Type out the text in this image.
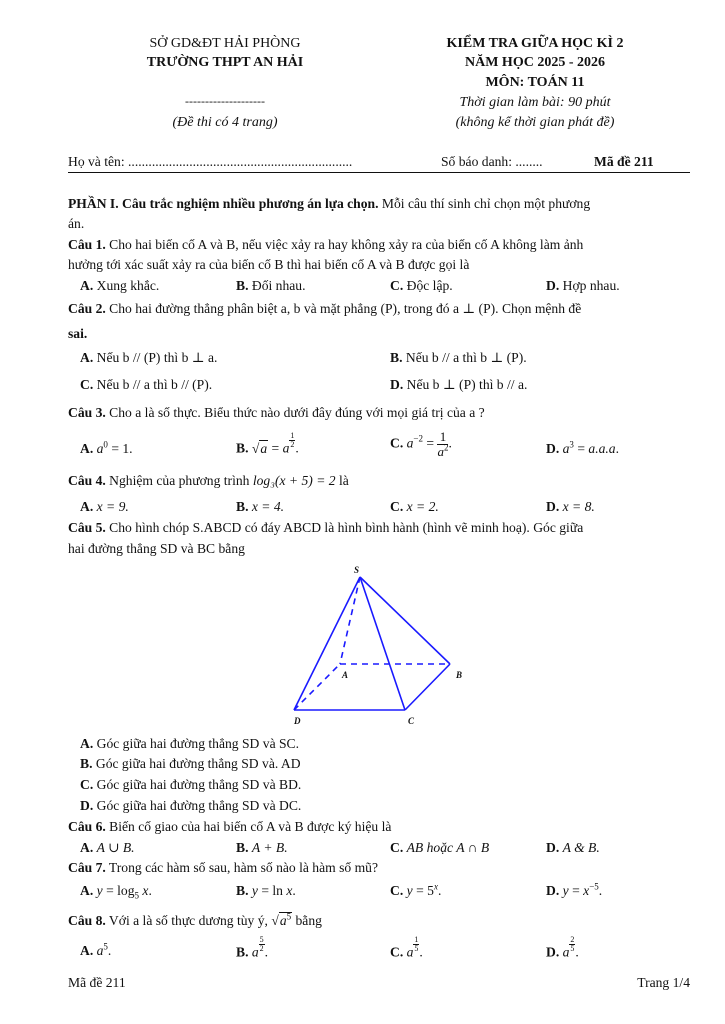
SỞ GD&ĐT HẢI PHÒNG
TRƯỜNG THPT AN HẢI
--------------------
(Đề thi có 4 trang)
KIỂM TRA GIỮA HỌC KÌ 2
NĂM HỌC 2025 - 2026
MÔN: TOÁN 11
Thời gian làm bài: 90 phút
(không kể thời gian phát đề)
Họ và tên: ..................................................................	Số báo danh: ........	Mã đề 211
PHẦN I. Câu trắc nghiệm nhiều phương án lựa chọn. Mỗi câu thí sinh chỉ chọn một phương
án.
Câu 1. Cho hai biến cố A và B, nếu việc xảy ra hay không xảy ra của biến cố A không làm ảnh
hưởng tới xác suất xảy ra của biến cố B thì hai biến cố A và B được gọi là
A. Xung khắc.	B. Đối nhau.	C. Độc lập.	D. Hợp nhau.
Câu 2. Cho hai đường thẳng phân biệt a, b và mặt phẳng (P), trong đó a ⊥ (P). Chọn mệnh đề
sai.
A. Nếu b // (P) thì b ⊥ a.	B. Nếu b // a thì b ⊥ (P).
C. Nếu b // a thì b // (P).	D. Nếu b ⊥ (P) thì b // a.
Câu 3. Cho a là số thực. Biểu thức nào dưới đây đúng với mọi giá trị của a ?
A. $a^0 = 1$.	B. √a = a $\frac{1}{2}$ .	C. $a^{-2} = \frac{1}{a^2}$ .	D. $a^3 = a.a.a$.
Câu 4. Nghiệm của phương trình log₃(x + 5) = 2 là
A. x = 9.	B. x = 4.	C. x = 2.	D. x = 8.
Câu 5. Cho hình chóp S.ABCD có đáy ABCD là hình bình hành (hình vẽ minh hoạ). Góc giữa
hai đường thẳng SD và BC bằng
S
A	B
C
D
A. Góc giữa hai đường thẳng SD và SC.
B. Góc giữa hai đường thẳng SD và. AD
C. Góc giữa hai đường thẳng SD và BD.
D. Góc giữa hai đường thẳng SD và DC.
Câu 6. Biến cố giao của hai biến cố A và B được ký hiệu là
A. A ∪ B.	B. A + B.	C. AB hoặc A ∩ B	D. A & B.
Câu 7. Trong các hàm số sau, hàm số nào là hàm số mũ?
A. $y = \log_5 x$.	B. y = ln x.	C. $y = 5^x$.	D. $y = x^{-5}$.
Câu 8. Với a là số thực dương tùy ý, $√a^5$ bằng
A. $a^5$.	B. a $\frac{5}{2}$ .	C. a $\frac{1}{5}$ .	D. a $\frac{2}{5}$ .
Mã đề 211	Trang 1/4
